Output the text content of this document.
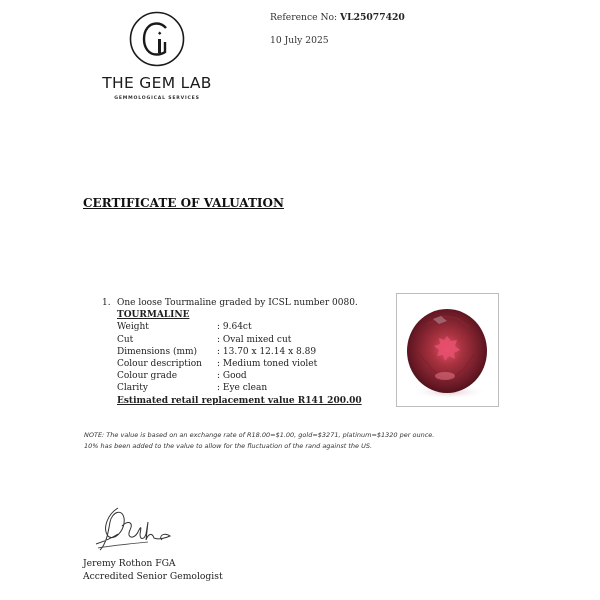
THE GEM LAB
GEMMOLOGICAL SERVICES
Reference No: VL25077420
10 July 2025
CERTIFICATE OF VALUATION
1. One loose Tourmaline graded by ICSL number 0080.
TOURMALINE
Weight	: 9.64ct
Cut	: Oval mixed cut
Dimensions (mm)	: 13.70 x 12.14 x 8.89
Colour description	: Medium toned violet
Colour grade	: Good
Clarity	: Eye clean
Estimated retail replacement value R141 200.00
NOTE: The value is based on an exchange rate of R18.00=$1.00, gold=$3271, platinum=$1320 per ounce.
10% has been added to the value to allow for the fluctuation of the rand against the US.
Jeremy Rothon FGA
Accredited Senior Gemologist
